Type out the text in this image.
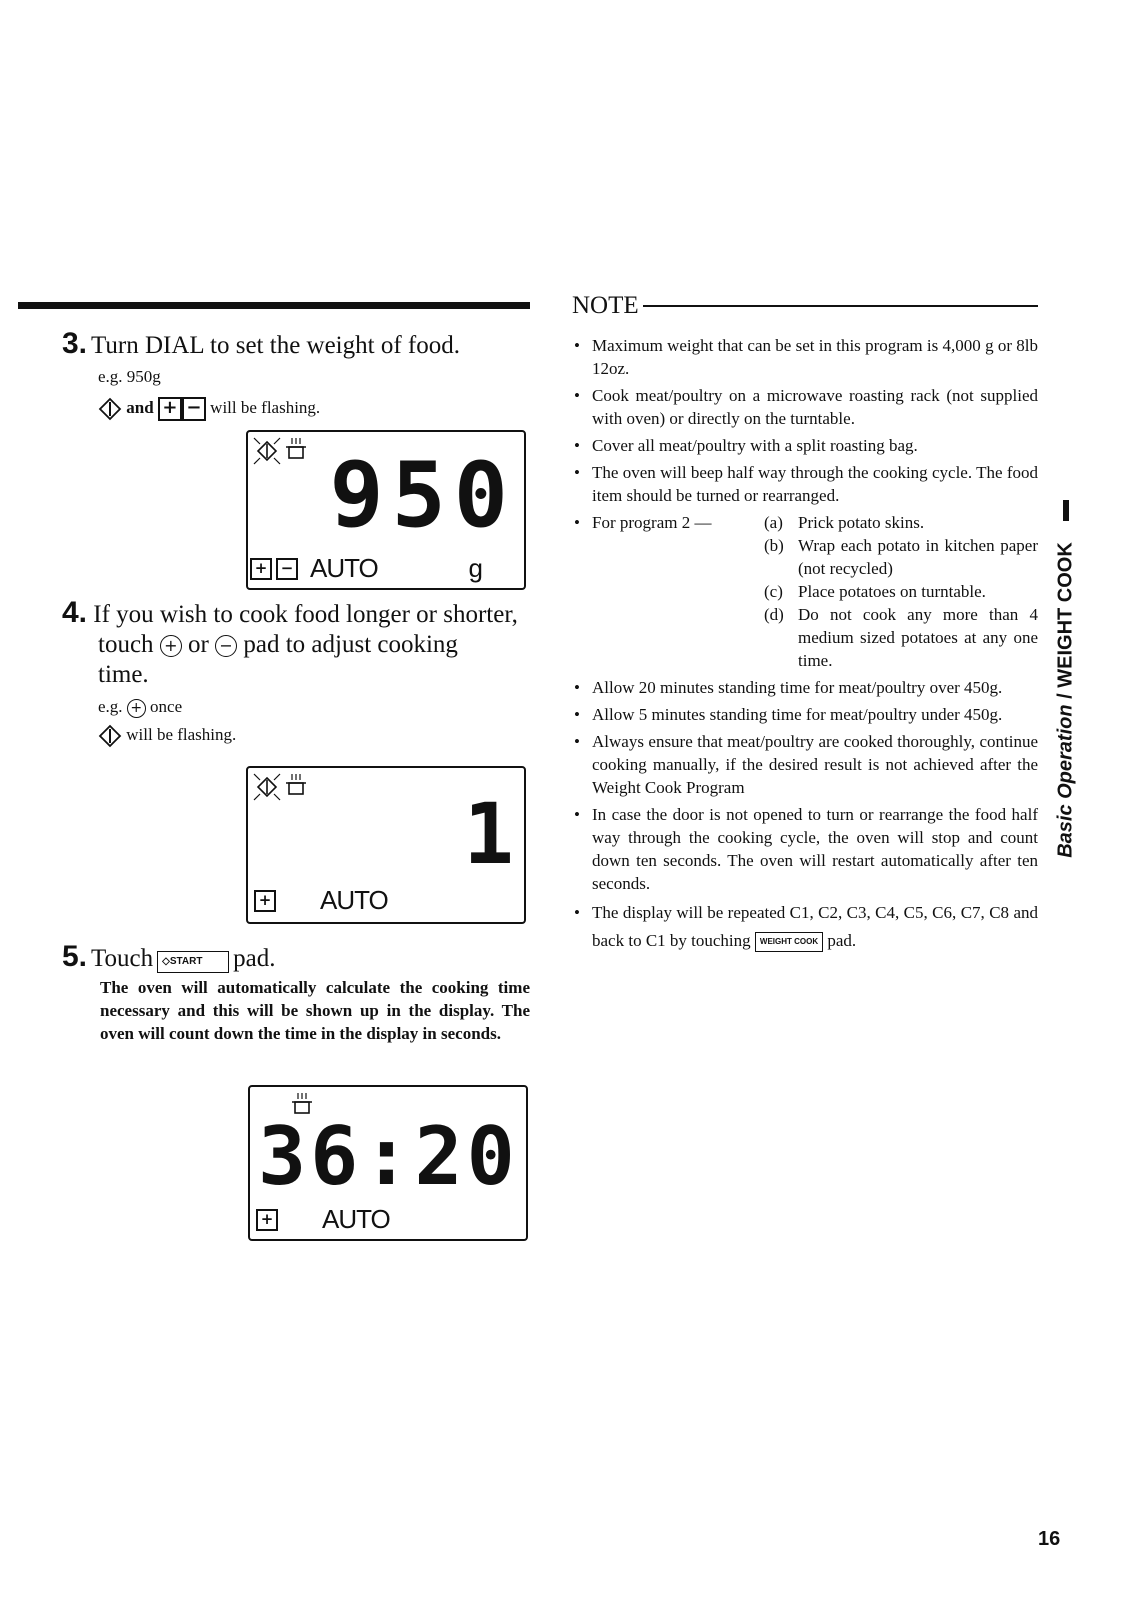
3. Turn DIAL to set the weight of food.
e.g. 950g
and + − will be flashing.
950
+ − AUTO	g
4. If you wish to cook food longer or shorter,
touch + or − pad to adjust cooking
time.
e.g. + once
will be flashing.
1
+ AUTO
5. Touch ◇START pad.
The oven will automatically calculate the cooking time necessary and this will be shown up in the display. The oven will count down the time in the display in seconds.
36:20
+ AUTO
NOTE
• Maximum weight that can be set in this program is 4,000 g or 8lb 12oz.
• Cook meat/poultry on a microwave roasting rack (not supplied with oven) or directly on the turntable.
• Cover all meat/poultry with a split roasting bag.
• The oven will beep half way through the cooking cycle. The food item should be turned or rearranged.
• For program 2 —	(a) Prick potato skins.
(b) Wrap each potato in kitchen paper (not recycled)
(c) Place potatoes on turntable.
(d) Do not cook any more than 4 medium sized potatoes at any one time.
• Allow 20 minutes standing time for meat/poultry over 450g.
• Allow 5 minutes standing time for meat/poultry under 450g.
• Always ensure that meat/poultry are cooked thoroughly, continue cooking manually, if the desired result is not achieved after the Weight Cook Program
• In case the door is not opened to turn or rearrange the food half way through the cooking cycle, the oven will stop and count down ten seconds. The oven will restart automatically after ten seconds.
• The display will be repeated C1, C2, C3, C4, C5, C6, C7, C8 and back to C1 by touching WEIGHT COOK pad.
Basic Operation / WEIGHT COOK
16
